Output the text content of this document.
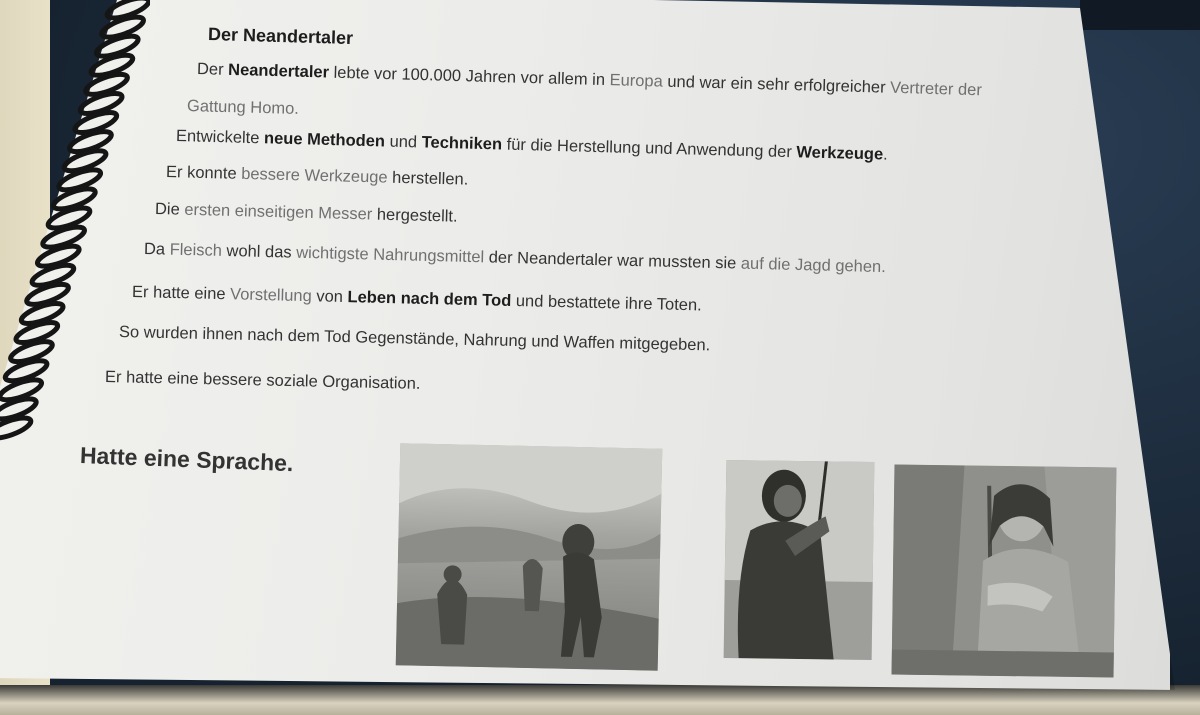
Der Neandertaler
Der Neandertaler lebte vor 100.000 Jahren vor allem in Europa und war ein sehr erfolgreicher Vertreter der
Gattung Homo.
Entwickelte neue Methoden und Techniken für die Herstellung und Anwendung der Werkzeuge.
Er konnte bessere Werkzeuge herstellen.
Die ersten einseitigen Messer hergestellt.
Da Fleisch wohl das wichtigste Nahrungsmittel der Neandertaler war mussten sie auf die Jagd gehen.
Er hatte eine Vorstellung von Leben nach dem Tod und bestattete ihre Toten.
So wurden ihnen nach dem Tod Gegenstände, Nahrung und Waffen mitgegeben.
Er hatte eine bessere soziale Organisation.
Hatte eine Sprache.
